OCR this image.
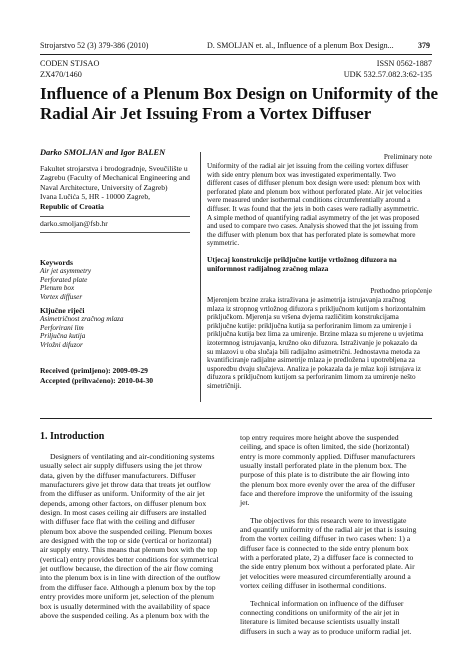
Strojarstvo 52 (3) 379-386 (2010)	D. SMOLJAN et. al., Influence of a plenum Box Design...	379
CODEN STJSAO
ZX470/1460
ISSN 0562-1887
UDK 532.57.082.3:62-135
Influence of a Plenum Box Design on Uniformity of the
Radial Air Jet Issuing From a Vortex Diffuser
Darko SMOLJAN and Igor BALEN
Fakultet strojarstva i brodogradnje, Sveučilište u
Zagrebu (Faculty of Mechanical Engineering and
Naval Architecture, University of Zagreb)
Ivana Lučića 5, HR - 10000 Zagreb,
Republic of Croatia
darko.smoljan@fsb.hr
Keywords
Air jet asymmetry
Perforated plate
Plenum box
Vortex diffuser
Ključne riječi
Asimetričnost zračnog mlaza
Perforirani lim
Priljučna kutija
Vrložni difuzor
Received (primljeno): 2009-09-29
Accepted (prihvaćeno): 2010-04-30
Preliminary note
Uniformity of the radial air jet issuing from the ceiling vortex diffuser
with side entry plenum box was investigated experimentally. Two
different cases of diffuser plenum box design were used: plenum box with
perforated plate and plenum box without perforated plate. Air jet velocities
were measured under isothermal conditions circumferentially around a
diffuser. It was found that the jets in both cases were radially asymmetric.
A simple method of quantifying radial asymmetry of the jet was proposed
and used to compare two cases. Analysis showed that the jet issuing from
the diffuser with plenum box that has perforated plate is somewhat more
symmetric.
Utjecaj konstrukcije priključne kutije vrtložnog difuzora na
uniformnost radijalnog zračnog mlaza
Prethodno priopćenje
Mjerenjem brzine zraka istraživana je asimetrija istrujavanja zračnog
mlaza iz stropnog vrtložnog difuzora s priključnom kutijom s horizontalnim
priključkom. Mjerenja su vršena dvjema različitim konstrukcijama
priključne kutije: priključna kutija sa perforiranim limom za umirenje i
priključna kutija bez lima za umirenje. Brzine mlaza su mjerene u uvjetima
izotermnog istrujavanja, kružno oko difuzora. Istraživanje je pokazalo da
su mlazovi u oba slučaja bili radijalno asimetrični. Jednostavna metoda za
kvantificiranje radijalne asimetrije mlaza je predložena i upotrebljena za
usporedbu dvaju slučajeva. Analiza je pokazala da je mlaz koji istrujava iz
difuzora s priključnom kutijom sa perforiranim limom za umirenje nešto
simetričniji.
1. Introduction
Designers of ventilating and air-conditioning systems
usually select air supply diffusers using the jet throw
data, given by the diffuser manufacturers. Diffuser
manufacturers give jet throw data that treats jet outflow
from the diffuser as uniform. Uniformity of the air jet
depends, among other factors, on diffuser plenum box
design. In most cases ceiling air diffusers are installed
with diffuser face flat with the ceiling and diffuser
plenum box above the suspended ceiling. Plenum boxes
are designed with the top or side (vertical or horizontal)
air supply entry. This means that plenum box with the top
(vertical) entry provides better conditions for symmetrical
jet outflow because, the direction of the air flow coming
into the plenum box is in line with direction of the outflow
from the diffuser face. Although a plenum box by the top
entry provides more uniform jet, selection of the plenum
box is usually determined with the availability of space
above the suspended ceiling. As a plenum box with the
top entry requires more height above the suspended
ceiling, and space is often limited, the side (horizontal)
entry is more commonly applied. Diffuser manufacturers
usually install perforated plate in the plenum box. The
purpose of this plate is to distribute the air flowing into
the plenum box more evenly over the area of the diffuser
face and therefore improve the uniformity of the issuing
jet.
The objectives for this research were to investigate
and quantify uniformity of the radial air jet that is issuing
from the vortex ceiling diffuser in two cases when: 1) a
diffuser face is connected to the side entry plenum box
with a perforated plate, 2) a diffuser face is connected to
the side entry plenum box without a perforated plate. Air
jet velocities were measured circumferentially around a
vortex ceiling diffuser in isothermal conditions.
Technical information on influence of the diffuser
connecting conditions on uniformity of the air jet in
literature is limited because scientists usually install
diffusers in such a way as to produce uniform radial jet.
